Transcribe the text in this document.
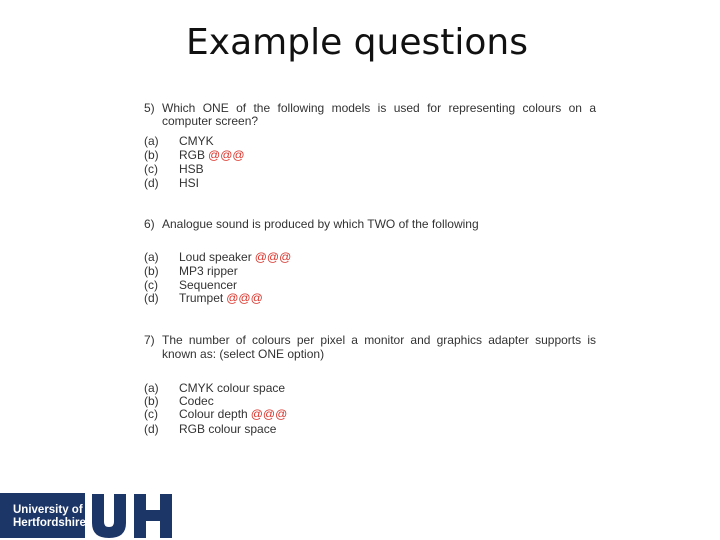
Example questions
5) Which ONE of the following models is used for representing colours on a
computer screen?
(a)	CMYK
(b)	RGB @@@
(c)	HSB
(d)	HSI
6) Analogue sound is produced by which TWO of the following
(a)	Loud speaker @@@
(b)	MP3 ripper
(c)	Sequencer
(d)	Trumpet @@@
7) The number of colours per pixel a monitor and graphics adapter supports is
known as: (select ONE option)
(a)	CMYK colour space
(b)	Codec
(c)	Colour depth @@@
(d)	RGB colour space
University of
Hertfordshire
